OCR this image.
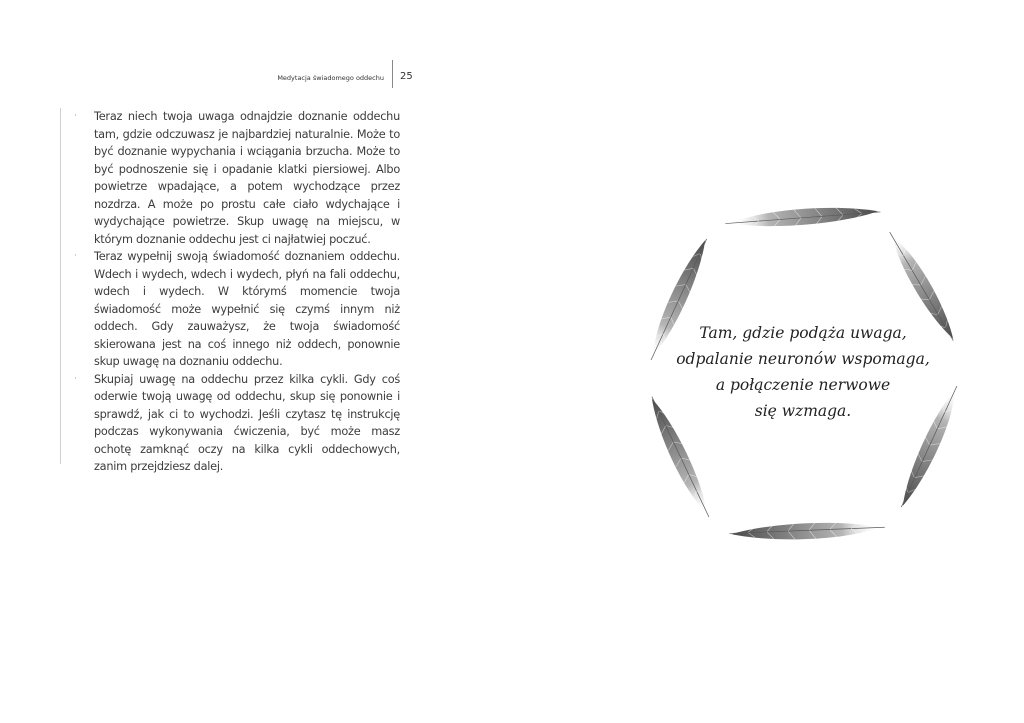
Medytacja świadomego oddechu 25
· Teraz niech twoja uwaga odnajdzie doznanie oddechu tam, gdzie odczuwasz je najbardziej naturalnie. Może to być doznanie wypychania i wciągania brzucha. Może to być podnoszenie się i opadanie klatki piersiowej. Albo powietrze wpadające, a potem wychodzące przez nozdrza. A może po prostu całe ciało wdychające i wydychające powietrze. Skup uwagę na miejscu, w którym doznanie oddechu jest ci najłatwiej poczuć.
· Teraz wypełnij swoją świadomość doznaniem oddechu. Wdech i wydech, wdech i wydech, płyń na fali oddechu, wdech i wydech. W którymś momencie twoja świadomość może wypełnić się czymś innym niż oddech. Gdy zauważysz, że twoja świadomość skierowana jest na coś innego niż oddech, ponownie skup uwagę na doznaniu oddechu.
· Skupiaj uwagę na oddechu przez kilka cykli. Gdy coś oderwie twoją uwagę od oddechu, skup się ponownie i sprawdź, jak ci to wychodzi. Jeśli czytasz tę instrukcję podczas wykonywania ćwiczenia, być może masz ochotę zamknąć oczy na kilka cykli oddechowych, zanim przejdziesz dalej.
Tam, gdzie podąża uwaga,
odpalanie neuronów wspomaga,
a połączenie nerwowe
się wzmaga.
